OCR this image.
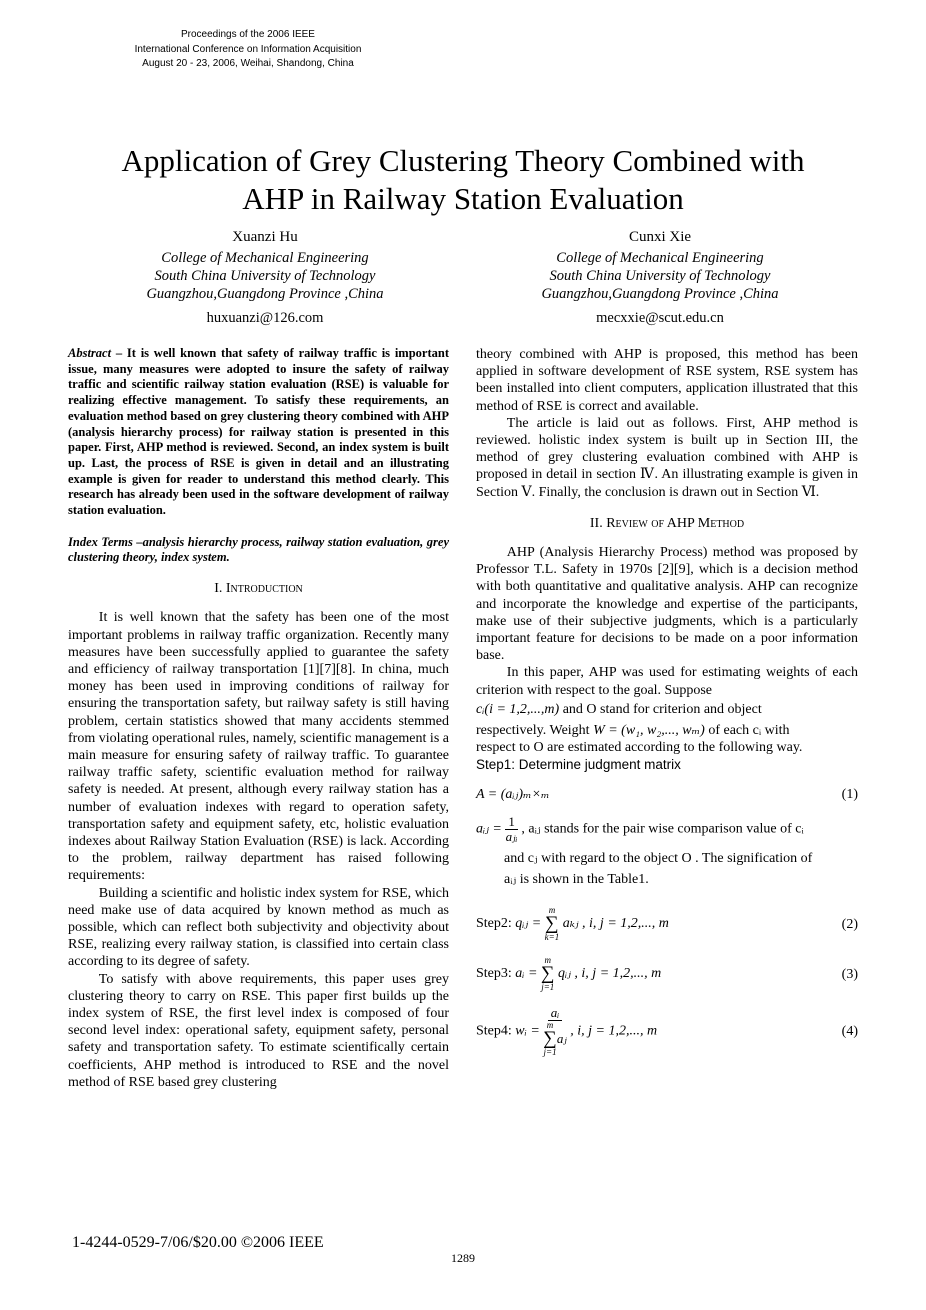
Proceedings of the 2006 IEEE
International Conference on Information Acquisition
August 20 - 23, 2006, Weihai, Shandong, China
Application of Grey Clustering Theory Combined with
AHP in Railway Station Evaluation
Xuanzi Hu
College of Mechanical Engineering
South China University of Technology
Guangzhou,Guangdong Province ,China
huxuanzi@126.com
Cunxi Xie
College of Mechanical Engineering
South China University of Technology
Guangzhou,Guangdong Province ,China
mecxxie@scut.edu.cn

Abstract – It is well known that safety of railway traffic is important issue, many measures were adopted to insure the safety of railway traffic and scientific railway station evaluation (RSE) is valuable for realizing effective management. To satisfy these requirements, an evaluation method based on grey clustering theory combined with AHP (analysis hierarchy process) for railway station is presented in this paper. First, AHP method is reviewed. Second, an index system is built up. Last, the process of RSE is given in detail and an illustrating example is given for reader to understand this method clearly. This research has already been used in the software development of railway station evaluation.

Index Terms –analysis hierarchy process, railway station evaluation, grey clustering theory, index system.

I. Introduction

It is well known that the safety has been one of the most important problems in railway traffic organization. Recently many measures have been successfully applied to guarantee the safety and efficiency of railway transportation [1][7][8]. In china, much money has been used in improving conditions of railway for ensuring the transportation safety, but railway safety is still having problem, certain statistics showed that many accidents stemmed from violating operational rules, namely, scientific management is a main measure for ensuring safety of railway traffic. To guarantee railway traffic safety, scientific evaluation method for railway safety is needed. At present, although every railway station has a number of evaluation indexes with regard to operation safety, transportation safety and equipment safety, etc, holistic evaluation indexes about Railway Station Evaluation (RSE) is lack. According to the problem, railway department has raised following requirements:

Building a scientific and holistic index system for RSE, which need make use of data acquired by known method as much as possible, which can reflect both subjectivity and objectivity about RSE, realizing every railway station, is classified into certain class according to its degree of safety.

To satisfy with above requirements, this paper uses grey clustering theory to carry on RSE. This paper first builds up the index system of RSE, the first level index is composed of four second level index: operational safety, equipment safety, personal safety and transportation safety. To estimate scientifically certain coefficients, AHP method is introduced to RSE and the novel method of RSE based grey clustering

theory combined with AHP is proposed, this method has been applied in software development of RSE system, RSE system has been installed into client computers, application illustrated that this method of RSE is correct and available.

The article is laid out as follows. First, AHP method is reviewed. holistic index system is built up in Section III, the method of grey clustering evaluation combined with AHP is proposed in detail in section Ⅳ. An illustrating example is given in Section Ⅴ. Finally, the conclusion is drawn out in Section Ⅵ.

II. Review of AHP Method

AHP (Analysis Hierarchy Process) method was proposed by Professor T.L. Safety in 1970s [2][9], which is a decision method with both quantitative and qualitative analysis. AHP can recognize and incorporate the knowledge and expertise of the participants, make use of their subjective judgments, which is a particularly important feature for decisions to be made on a poor information base.

In this paper, AHP was used for estimating weights of each criterion with respect to the goal. Suppose

cᵢ(i = 1,2,...,m) and O stand for criterion and object

respectively. Weight W = (w₁, w₂,..., wₘ) of each cᵢ with

respect to O are estimated according to the following way.

Step1: Determine judgment matrix

A = (aᵢⱼ)ₘ×ₘ	(1)
aᵢⱼ = $\frac{1}{\text{aⱼᵢ}}$ , aᵢⱼ stands for the pair wise comparison value of cᵢ

and cⱼ with regard to the object O . The signification of

aᵢⱼ is shown in the Table1.

Step2: qᵢⱼ =
m
∑
k=1
aₖⱼ , i, j = 1,2,..., m	(2)
Step3: aᵢ =
m
∑
j=1
qᵢⱼ , i, j = 1,2,..., m	(3)
Step4: wᵢ = aᵢ
m
∑
j=1
aⱼ , i, j = 1,2,..., m	(4)
1-4244-0529-7/06/$20.00 ©2006 IEEE
1289
